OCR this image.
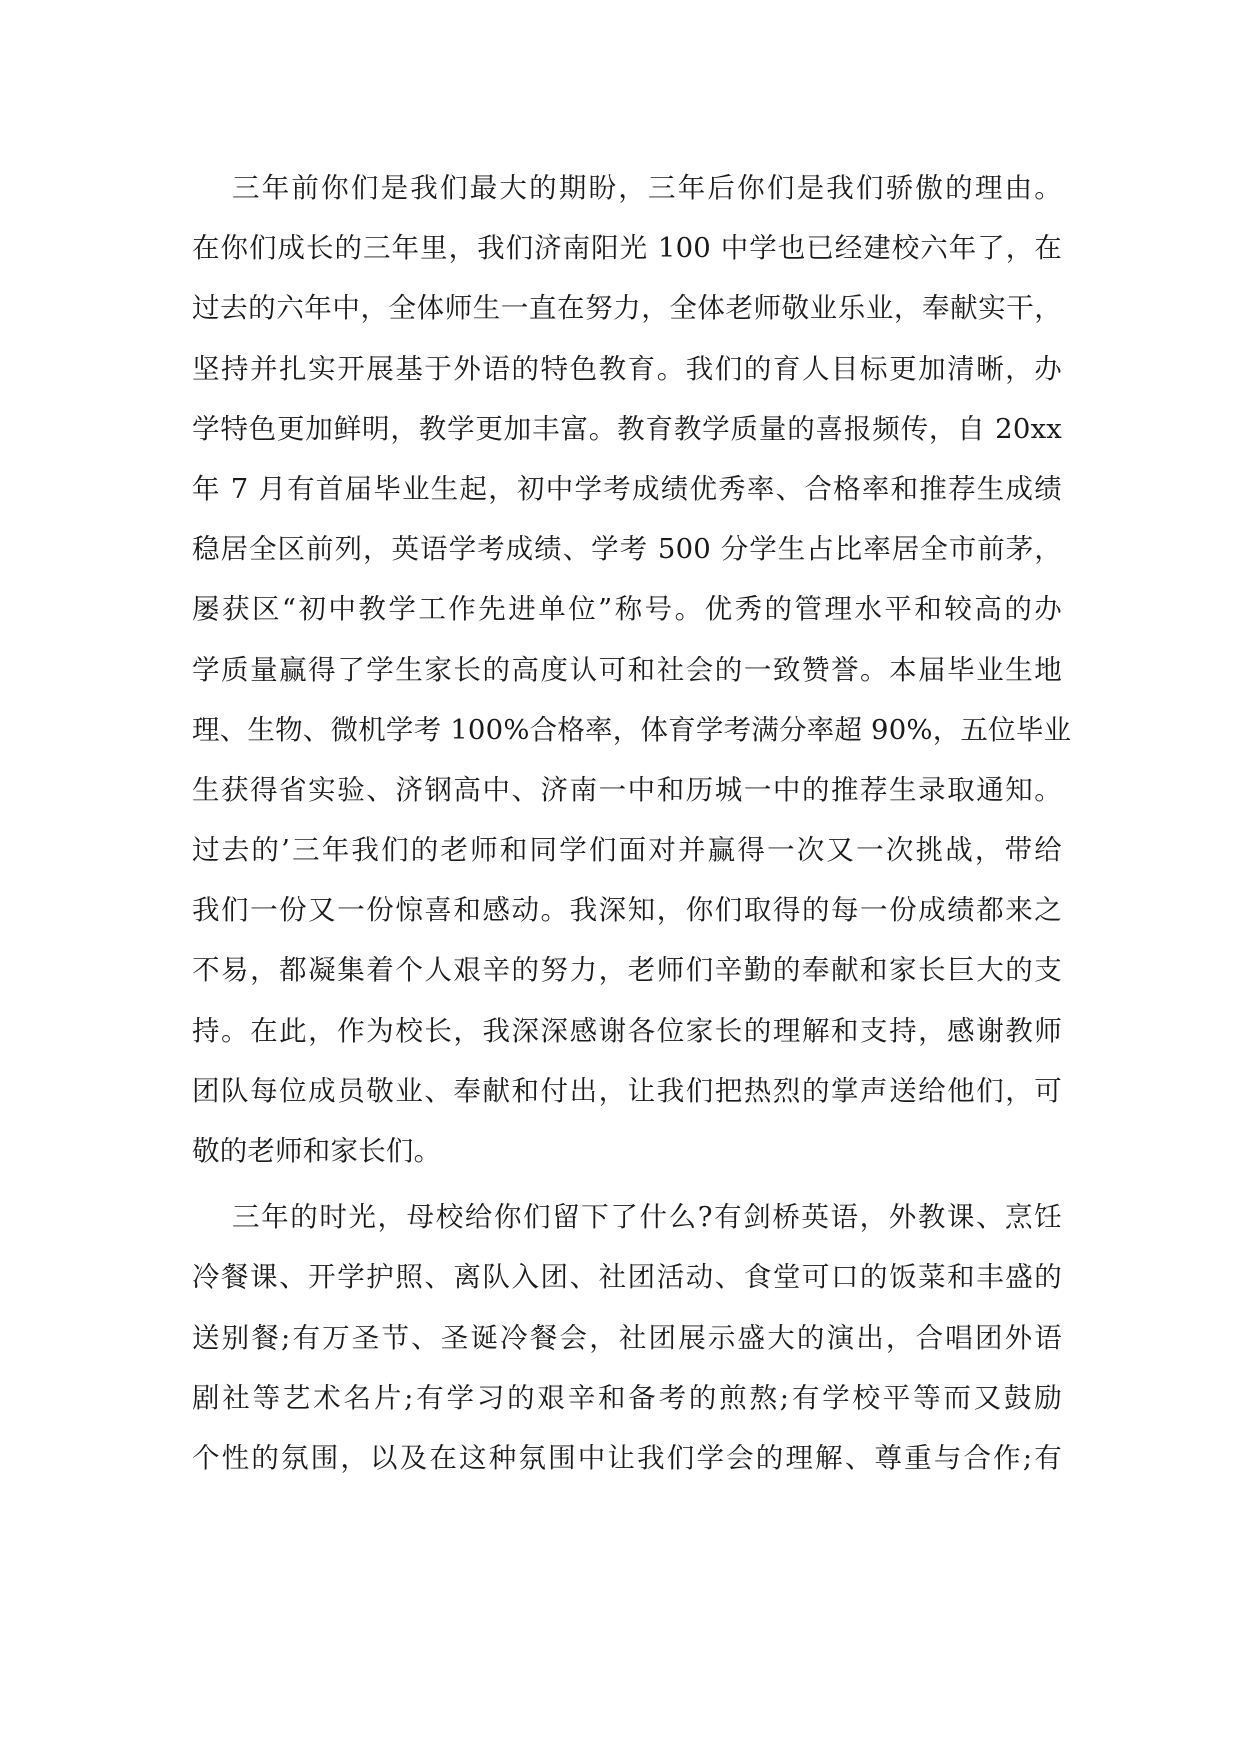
三年前你们是我们最大的期盼，三年后你们是我们骄傲的理由。
在你们成长的三年里，我们济南阳光 100 中学也已经建校六年了，在
过去的六年中，全体师生一直在努力，全体老师敬业乐业，奉献实干，
坚持并扎实开展基于外语的特色教育。我们的育人目标更加清晰，办
学特色更加鲜明，教学更加丰富。教育教学质量的喜报频传，自 20xx
年 7 月有首届毕业生起，初中学考成绩优秀率、合格率和推荐生成绩
稳居全区前列，英语学考成绩、学考 500 分学生占比率居全市前茅，
屡获区“初中教学工作先进单位”称号。优秀的管理水平和较高的办
学质量赢得了学生家长的高度认可和社会的一致赞誉。本届毕业生地
理、生物、微机学考 100%合格率，体育学考满分率超 90%，五位毕业
生获得省实验、济钢高中、济南一中和历城一中的推荐生录取通知。
过去的’三年我们的老师和同学们面对并赢得一次又一次挑战，带给
我们一份又一份惊喜和感动。我深知，你们取得的每一份成绩都来之
不易，都凝集着个人艰辛的努力，老师们辛勤的奉献和家长巨大的支
持。在此，作为校长，我深深感谢各位家长的理解和支持，感谢教师
团队每位成员敬业、奉献和付出，让我们把热烈的掌声送给他们，可
敬的老师和家长们。
三年的时光，母校给你们留下了什么?有剑桥英语，外教课、烹饪
冷餐课、开学护照、离队入团、社团活动、食堂可口的饭菜和丰盛的
送别餐;有万圣节、圣诞冷餐会，社团展示盛大的演出，合唱团外语
剧社等艺术名片;有学习的艰辛和备考的煎熬;有学校平等而又鼓励
个性的氛围，以及在这种氛围中让我们学会的理解、尊重与合作;有
